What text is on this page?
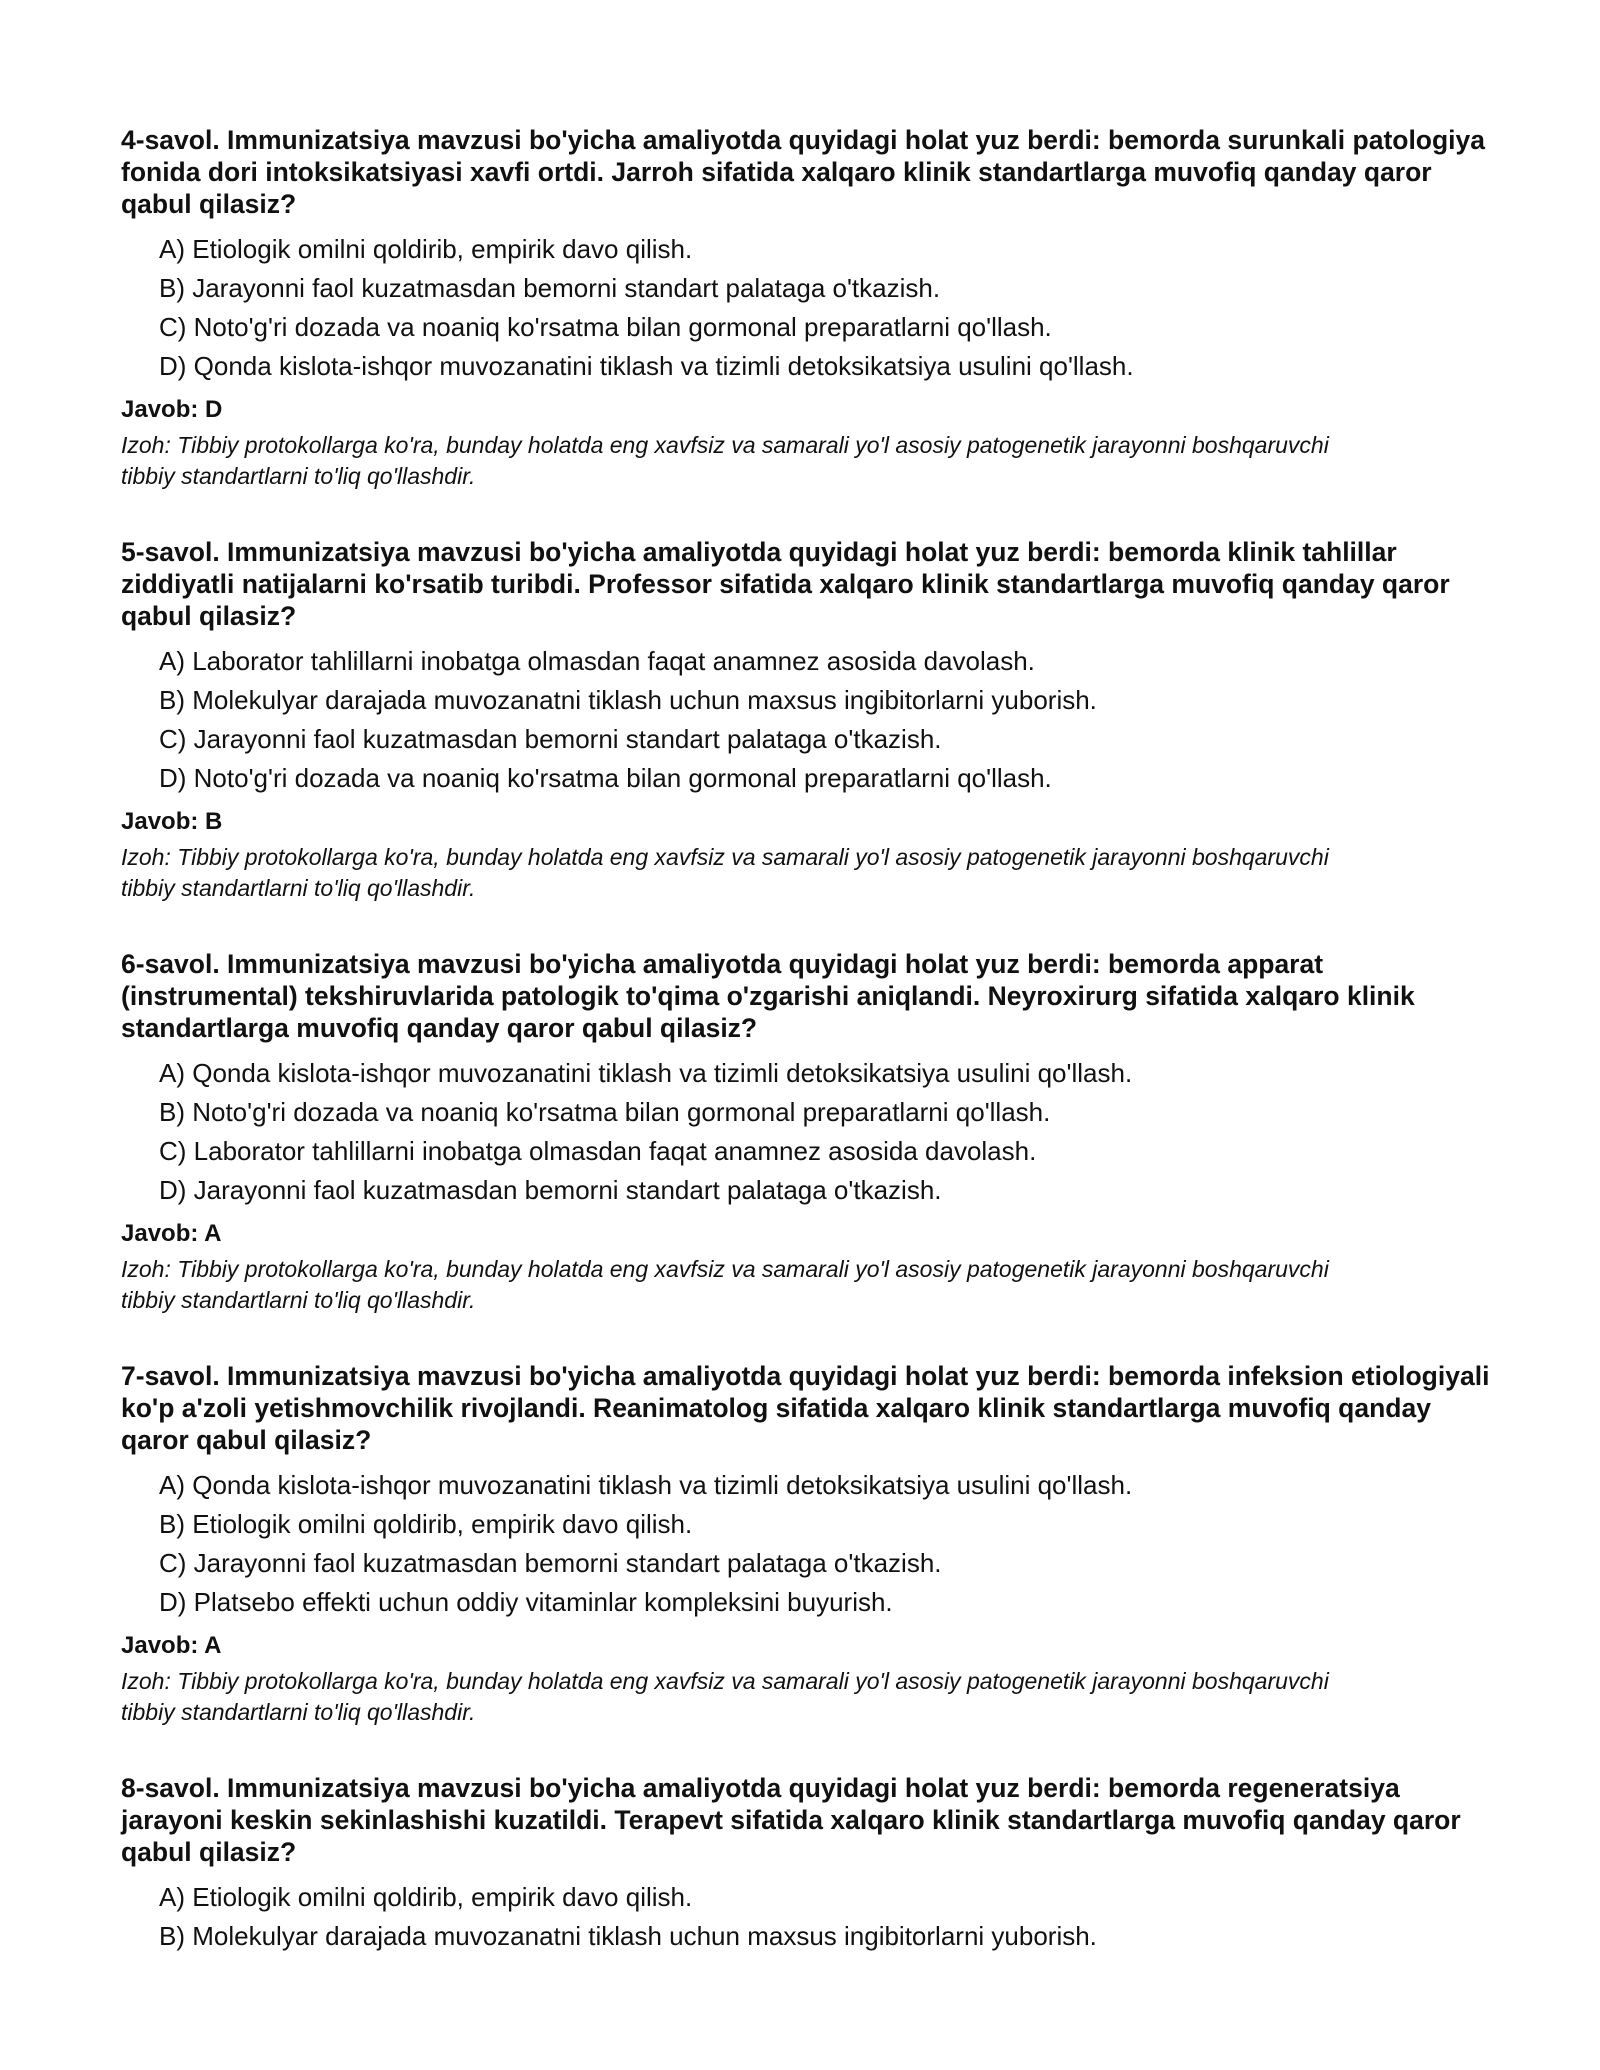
4-savol. Immunizatsiya mavzusi bo'yicha amaliyotda quyidagi holat yuz berdi: bemorda surunkali patologiya fonida dori intoksikatsiyasi xavfi ortdi. Jarroh sifatida xalqaro klinik standartlarga muvofiq qanday qaror qabul qilasiz?
A) Etiologik omilni qoldirib, empirik davo qilish.
B) Jarayonni faol kuzatmasdan bemorni standart palataga o'tkazish.
C) Noto'g'ri dozada va noaniq ko'rsatma bilan gormonal preparatlarni qo'llash.
D) Qonda kislota-ishqor muvozanatini tiklash va tizimli detoksikatsiya usulini qo'llash.
Javob: D
Izoh: Tibbiy protokollarga ko'ra, bunday holatda eng xavfsiz va samarali yo'l asosiy patogenetik jarayonni boshqaruvchi tibbiy standartlarni to'liq qo'llashdir.
5-savol. Immunizatsiya mavzusi bo'yicha amaliyotda quyidagi holat yuz berdi: bemorda klinik tahlillar ziddiyatli natijalarni ko'rsatib turibdi. Professor sifatida xalqaro klinik standartlarga muvofiq qanday qaror qabul qilasiz?
A) Laborator tahlillarni inobatga olmasdan faqat anamnez asosida davolash.
B) Molekulyar darajada muvozanatni tiklash uchun maxsus ingibitorlarni yuborish.
C) Jarayonni faol kuzatmasdan bemorni standart palataga o'tkazish.
D) Noto'g'ri dozada va noaniq ko'rsatma bilan gormonal preparatlarni qo'llash.
Javob: B
Izoh: Tibbiy protokollarga ko'ra, bunday holatda eng xavfsiz va samarali yo'l asosiy patogenetik jarayonni boshqaruvchi tibbiy standartlarni to'liq qo'llashdir.
6-savol. Immunizatsiya mavzusi bo'yicha amaliyotda quyidagi holat yuz berdi: bemorda apparat (instrumental) tekshiruvlarida patologik to'qima o'zgarishi aniqlandi. Neyroxirurg sifatida xalqaro klinik standartlarga muvofiq qanday qaror qabul qilasiz?
A) Qonda kislota-ishqor muvozanatini tiklash va tizimli detoksikatsiya usulini qo'llash.
B) Noto'g'ri dozada va noaniq ko'rsatma bilan gormonal preparatlarni qo'llash.
C) Laborator tahlillarni inobatga olmasdan faqat anamnez asosida davolash.
D) Jarayonni faol kuzatmasdan bemorni standart palataga o'tkazish.
Javob: A
Izoh: Tibbiy protokollarga ko'ra, bunday holatda eng xavfsiz va samarali yo'l asosiy patogenetik jarayonni boshqaruvchi tibbiy standartlarni to'liq qo'llashdir.
7-savol. Immunizatsiya mavzusi bo'yicha amaliyotda quyidagi holat yuz berdi: bemorda infeksion etiologiyali ko'p a'zoli yetishmovchilik rivojlandi. Reanimatolog sifatida xalqaro klinik standartlarga muvofiq qanday qaror qabul qilasiz?
A) Qonda kislota-ishqor muvozanatini tiklash va tizimli detoksikatsiya usulini qo'llash.
B) Etiologik omilni qoldirib, empirik davo qilish.
C) Jarayonni faol kuzatmasdan bemorni standart palataga o'tkazish.
D) Platsebo effekti uchun oddiy vitaminlar kompleksini buyurish.
Javob: A
Izoh: Tibbiy protokollarga ko'ra, bunday holatda eng xavfsiz va samarali yo'l asosiy patogenetik jarayonni boshqaruvchi tibbiy standartlarni to'liq qo'llashdir.
8-savol. Immunizatsiya mavzusi bo'yicha amaliyotda quyidagi holat yuz berdi: bemorda regeneratsiya jarayoni keskin sekinlashishi kuzatildi. Terapevt sifatida xalqaro klinik standartlarga muvofiq qanday qaror qabul qilasiz?
A) Etiologik omilni qoldirib, empirik davo qilish.
B) Molekulyar darajada muvozanatni tiklash uchun maxsus ingibitorlarni yuborish.
